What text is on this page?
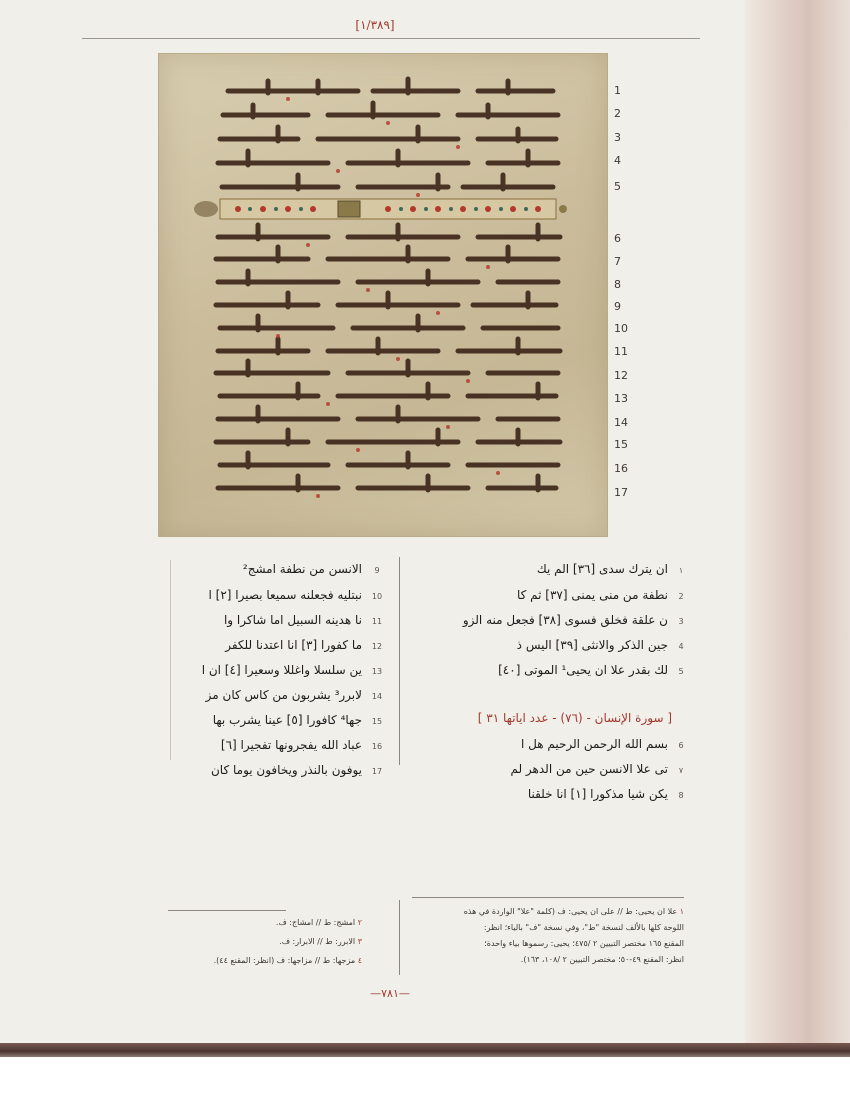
[١/٣٨٩]
1
2
3
4
5
6
7
8
9
10
11
12
13
14
15
16
17
١
ان يترك سدى [٣٦] الم يك
2
نطفة من منى يمنى [٣٧] ثم كا
3
ن علقة فخلق فسوى [٣٨] فجعل منه الزو
4
جين الذكر والانثى [٣٩] اليس ذ
5
لك بقدر علا ان يحيى¹ الموتى [٤٠]
[ سورة الإنسان - (٧٦) - عدد اياتها ٣١ ]
6
بسم الله الرحمن الرحيم هل ا
٧
تى علا الانسن حين من الدهر لم
8
يكن شيا مذكورا [١] انا خلقنا
9
الانسن من نطفة امشج²
10
نبتليه فجعلنه سميعا بصيرا [٢] ا
11
نا هدينه السبيل اما شاكرا وا
12
ما كفورا [٣] انا اعتدنا للكفر
13
ين سلسلا واغللا وسعيرا [٤] ان ا
14
لابرر³ يشربون من كاس كان مز
15
جها⁴ كافورا [٥] عينا يشرب بها
16
عباد الله يفجرونها تفجيرا [٦]
17
يوفون بالنذر ويخافون يوما كان
١ علا ان يحيى: ط // على ان يحيى: ف (كلمة "علا" الواردة في هذه
اللوحة كلها بالألف لنسخة "ط"، وفي نسخة "ف" بالياء؛ انظر:
المقنع ١٦٥ مختصر التبيين ٢ /٤٧٥؛ يحيى: رسموها بياء واحدة؛
انظر: المقنع ٤٩-٥٠؛ مختصر التبيين ٢ /١٠٨، ١٦٣).
٢ امشج: ط // امشاج: ف.
٣ الابرر: ط // الابرار: ف.
٤ مزجها: ط // مزاجها: ف (انظر: المقنع ٤٤).
—٧٨١—
